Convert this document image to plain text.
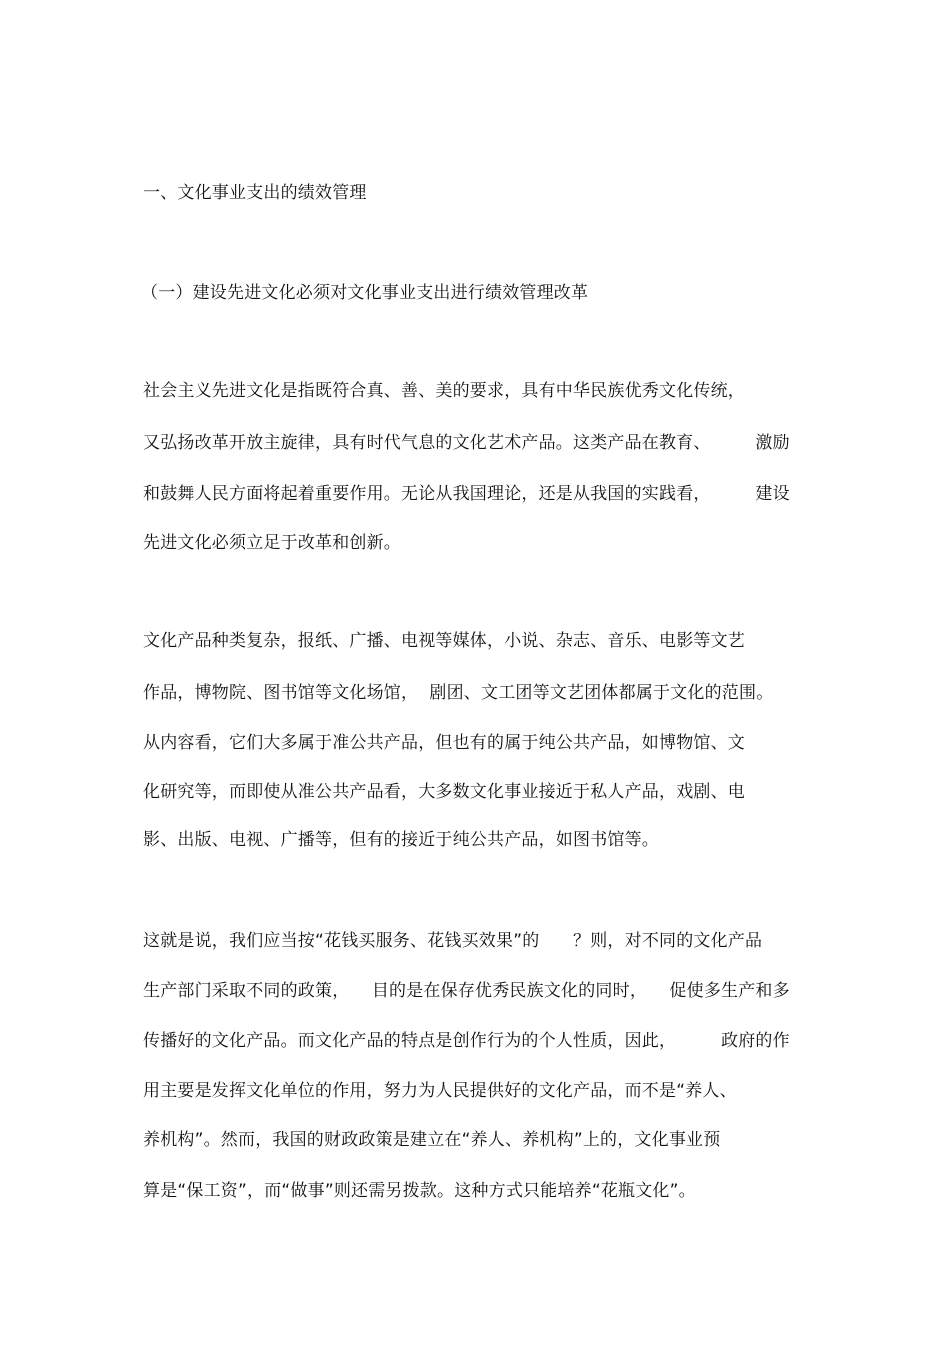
一、文化事业支出的绩效管理
（一）建设先进文化必须对文化事业支出进行绩效管理改革
社会主义先进文化是指既符合真、善、美的要求，具有中华民族优秀文化传统，
又弘扬改革开放主旋律，具有时代气息的文化艺术产品。这类产品在教育、        激励
和鼓舞人民方面将起着重要作用。无论从我国理论，还是从我国的实践看，        建设
先进文化必须立足于改革和创新。
文化产品种类复杂，报纸、广播、电视等媒体，小说、杂志、音乐、电影等文艺
作品，博物院、图书馆等文化场馆，  剧团、文工团等文艺团体都属于文化的范围。
从内容看，它们大多属于准公共产品，但也有的属于纯公共产品，如博物馆、文
化研究等，而即使从准公共产品看，大多数文化事业接近于私人产品，戏剧、电
影、出版、电视、广播等，但有的接近于纯公共产品，如图书馆等。
这就是说，我们应当按“花钱买服务、花钱买效果”的      ？则，对不同的文化产品
生产部门采取不同的政策，    目的是在保存优秀民族文化的同时，    促使多生产和多
传播好的文化产品。而文化产品的特点是创作行为的个人性质，因此，        政府的作
用主要是发挥文化单位的作用，努力为人民提供好的文化产品，而不是“养人、
养机构”。然而，我国的财政政策是建立在“养人、养机构”上的，文化事业预
算是“保工资”，而“做事”则还需另拨款。这种方式只能培养“花瓶文化”。
